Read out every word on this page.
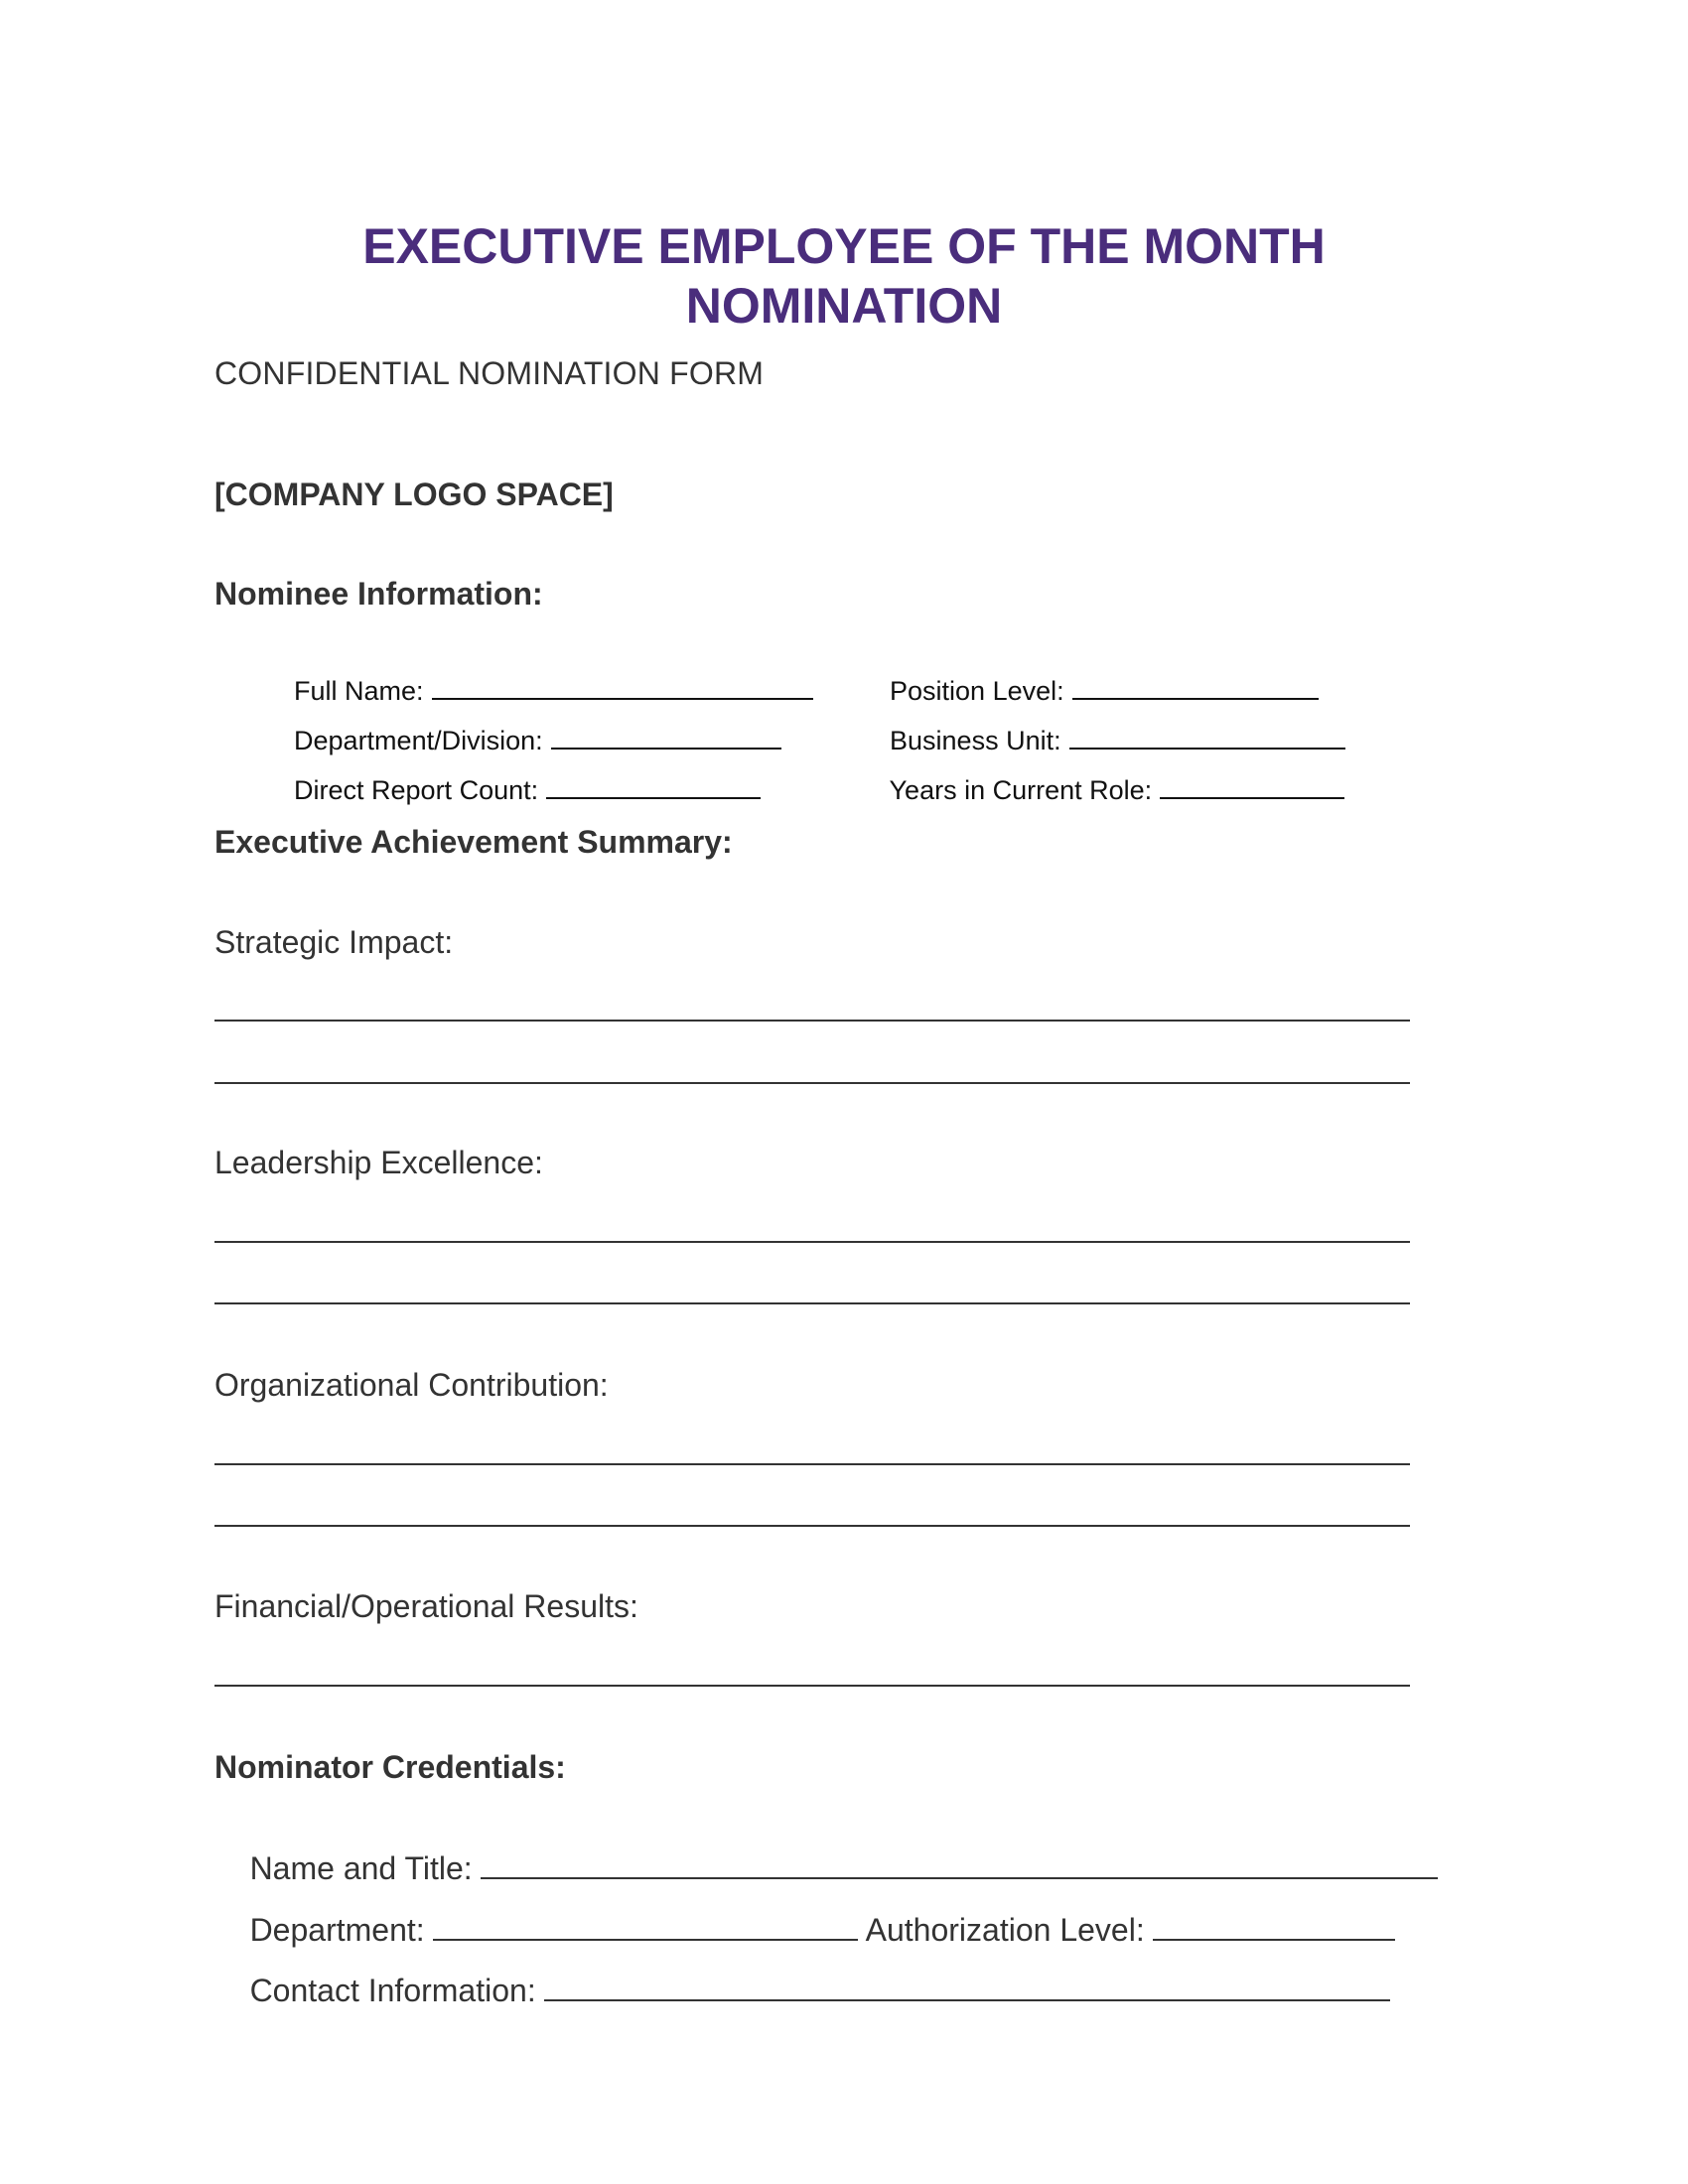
EXECUTIVE EMPLOYEE OF THE MONTH
NOMINATION
CONFIDENTIAL NOMINATION FORM
[COMPANY LOGO SPACE]
Nominee Information:

Full Name:
	Position Level:

Department/Division:
	Business Unit:

Direct Report Count:
	Years in Current Role:

Executive Achievement Summary:
Strategic Impact:
Leadership Excellence:
Organizational Contribution:
Financial/Operational Results:
Nominator Credentials:

Name and Title:

Department:	Authorization Level:

Contact Information:
